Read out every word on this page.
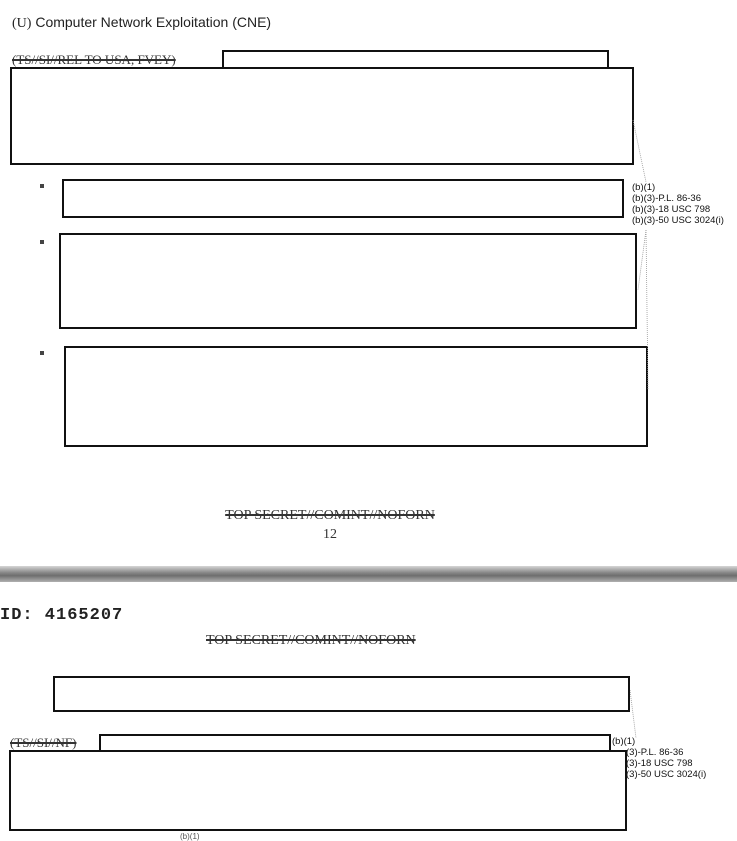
(U) Computer Network Exploitation (CNE)
(TS//SI//REL TO USA, FVEY)
(b)(1)
(b)(3)-P.L. 86-36
(b)(3)-18 USC 798
(b)(3)-50 USC 3024(i)
TOP SECRET//COMINT//NOFORN
12
ID: 4165207
TOP SECRET//COMINT//NOFORN
(TS//SI//NF)	(b)(1)
(3)-P.L. 86-36
(3)-18 USC 798
(3)-50 USC 3024(i)
(b)(1)
